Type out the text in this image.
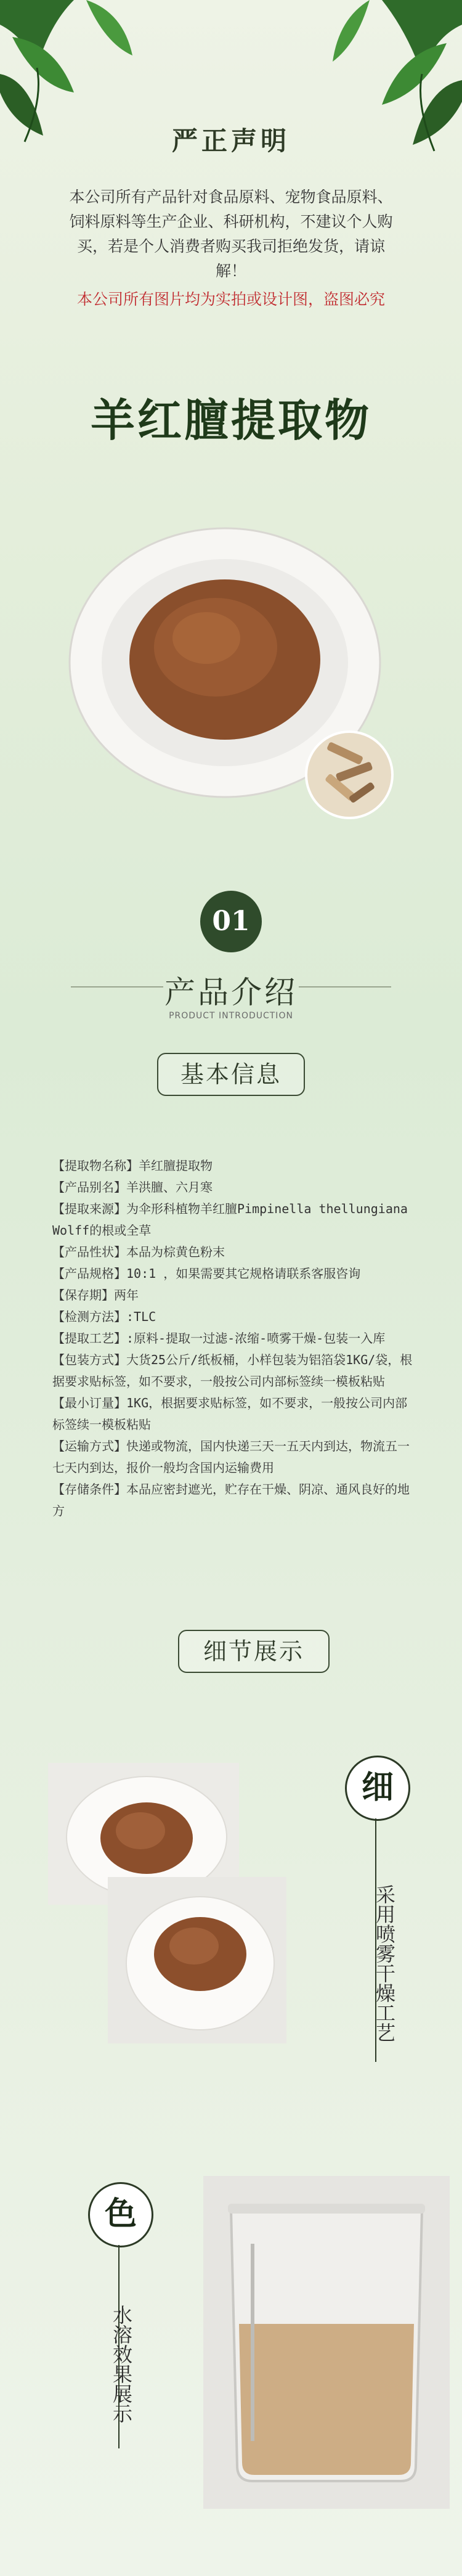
严正声明
本公司所有产品针对食品原料、宠物食品原料、饲料原料等生产企业、科研机构，不建议个人购买，若是个人消费者购买我司拒绝发货，请谅解！
本公司所有图片均为实拍或设计图，盗图必究
羊红膻提取物
01
产品介绍
PRODUCT INTRODUCTION
基本信息

【提取物名称】羊红膻提取物

【产品别名】羊洪膻、六月寒

【提取来源】为伞形科植物羊红膻Pimpinella thellungiana Wolff的根或全草

【产品性状】本品为棕黄色粉末

【产品规格】10:1 ，如果需要其它规格请联系客服咨询

【保存期】两年

【检测方法】:TLC

【提取工艺】:原料-提取一过滤-浓缩-喷雾干燥-包装一入库

【包装方式】大货25公斤/纸板桶，小样包装为铝箔袋1KG/袋，根据要求贴标签，如不要求，一般按公司内部标签续一模板粘贴

【最小订量】1KG，根据要求贴标签，如不要求，一般按公司内部标签续一模板粘贴

【运输方式】快递或物流，国内快递三天一五天内到达，物流五一七天内到达，报价一般均含国内运输费用

【存储条件】本品应密封遮光，贮存在干燥、阴凉、通风良好的地方

细节展示
细
采用喷雾干燥工艺
色
水溶效果展示
